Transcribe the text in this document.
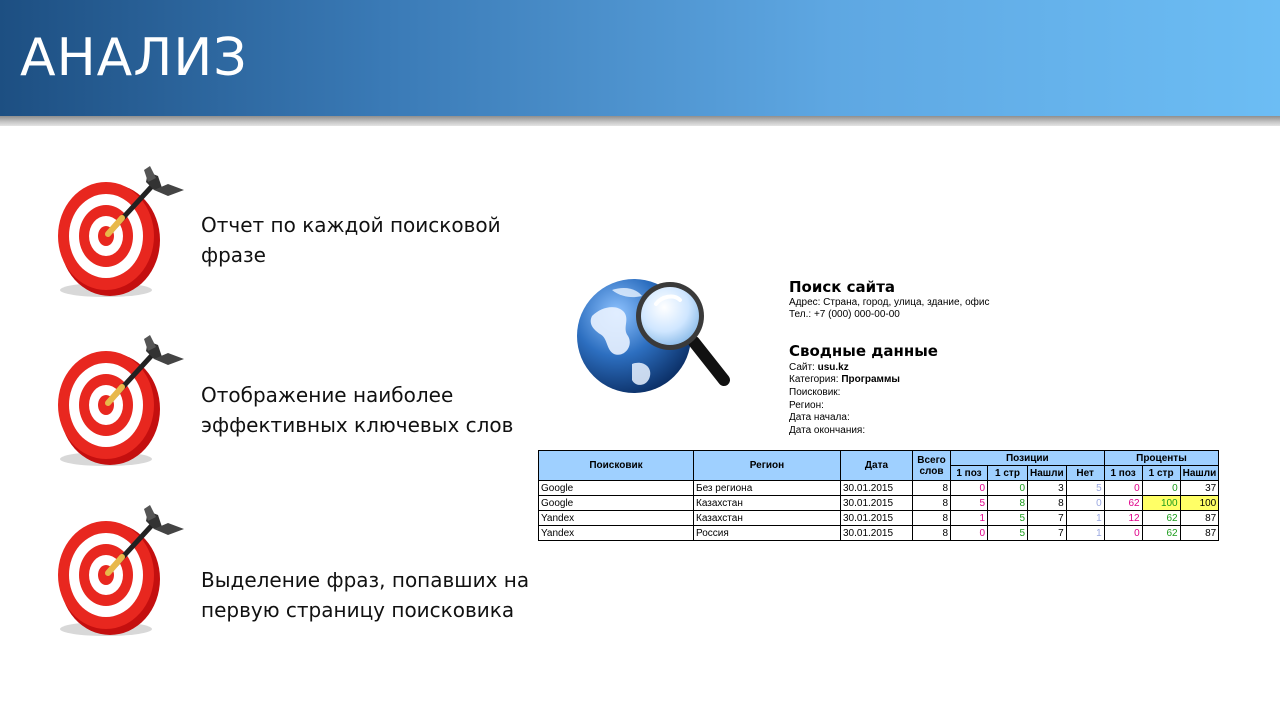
АНАЛИЗ
Отчет по каждой поисковой
фразе
Отображение наиболее
эффективных ключевых слов
Выделение фраз, попавших на
первую страницу поисковика
Поиск сайта
Адрес: Страна, город, улица, здание, офис
Тел.: +7 (000) 000-00-00
Сводные данные
Сайт: usu.kz
Категория: Программы
Поисковик:
Регион:
Дата начала:
Дата окончания:
Поисковик	Регион	Дата	Всего слов	Позиции				Проценты		
				1 поз	1 стр	Нашли	Нет	1 поз	1 стр	Нашли
Google	Без региона	30.01.2015	8	0	0	3	5	0	0	37
Google	Казахстан	30.01.2015	8	5	8	8	0	62	100	100
Yandex	Казахстан	30.01.2015	8	1	5	7	1	12	62	87
Yandex	Россия	30.01.2015	8	0	5	7	1	0	62	87
